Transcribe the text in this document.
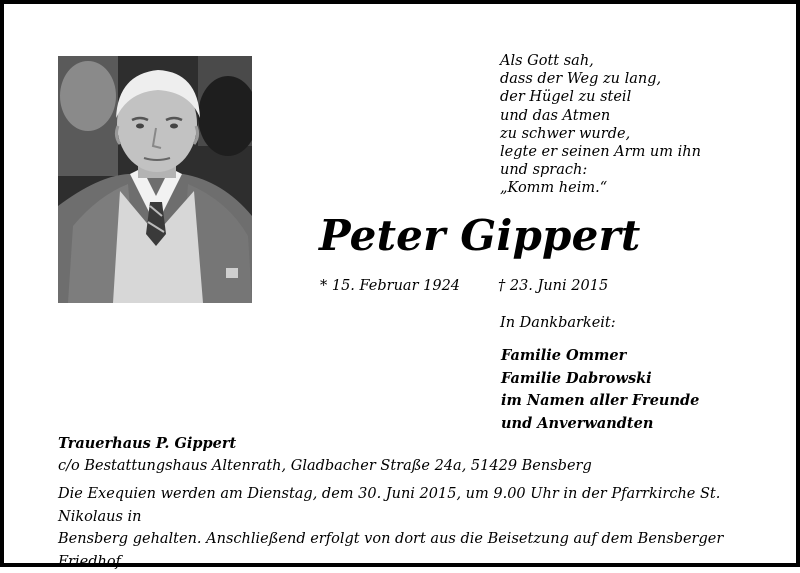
Als Gott sah,
dass der Weg zu lang,
der Hügel zu steil
und das Atmen
zu schwer wurde,
legte er seinen Arm um ihn
und sprach:
„Komm heim.“
Peter Gippert
* 15. Februar 1924	† 23. Juni 2015
In Dankbarkeit:
Familie Ommer
Familie Dabrowski
im Namen aller Freunde
und Anverwandten
Trauerhaus P. Gippert
c/o Bestattungshaus Altenrath, Gladbacher Straße 24a, 51429 Bensberg
Die Exequien werden am Dienstag, dem 30. Juni 2015, um 9.00 Uhr in der Pfarrkirche St. Nikolaus in
Bensberg gehalten. Anschließend erfolgt von dort aus die Beisetzung auf dem Bensberger Friedhof.
